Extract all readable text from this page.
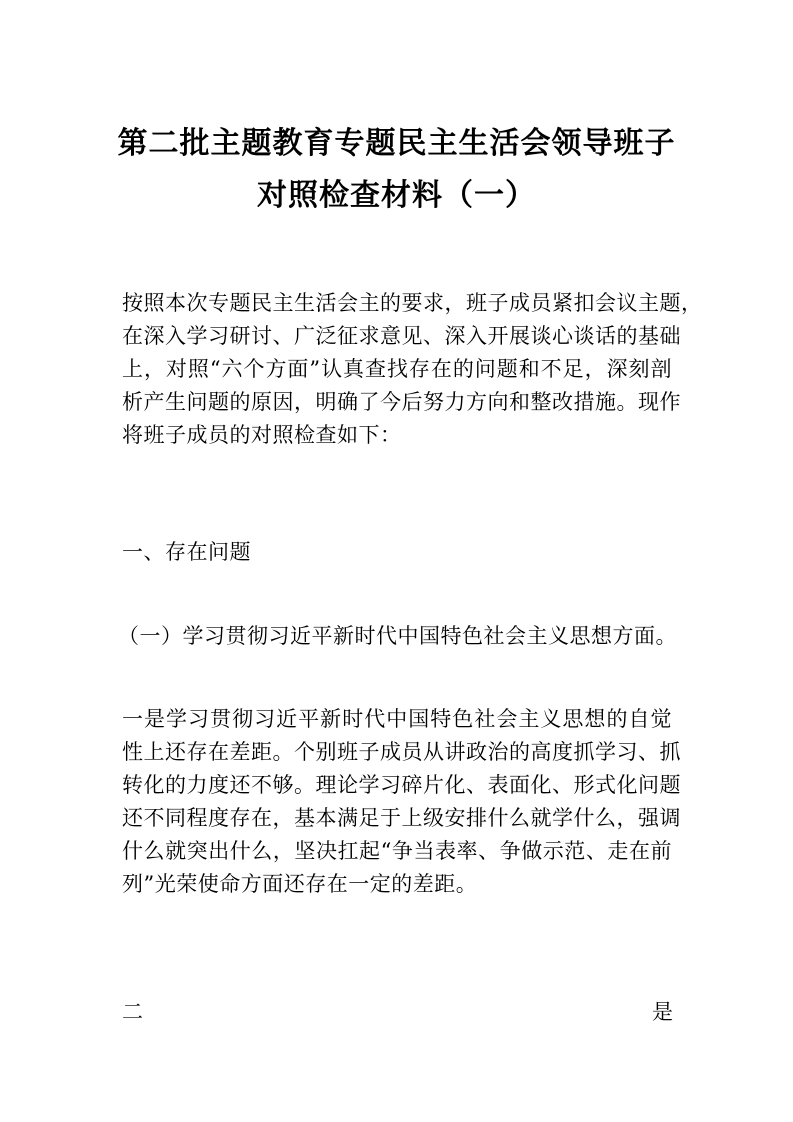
第二批主题教育专题民主生活会领导班子
对照检查材料（一）
按照本次专题民主生活会主的要求，班子成员紧扣会议主题，
在深入学习研讨、广泛征求意见、深入开展谈心谈话的基础
上，对照“六个方面”认真查找存在的问题和不足，深刻剖
析产生问题的原因，明确了今后努力方向和整改措施。现作
将班子成员的对照检查如下：
一、存在问题
（一）学习贯彻习近平新时代中国特色社会主义思想方面。
一是学习贯彻习近平新时代中国特色社会主义思想的自觉
性上还存在差距。个别班子成员从讲政治的高度抓学习、抓
转化的力度还不够。理论学习碎片化、表面化、形式化问题
还不同程度存在，基本满足于上级安排什么就学什么，强调
什么就突出什么，坚决扛起“争当表率、争做示范、走在前
列”光荣使命方面还存在一定的差距。
二	是
